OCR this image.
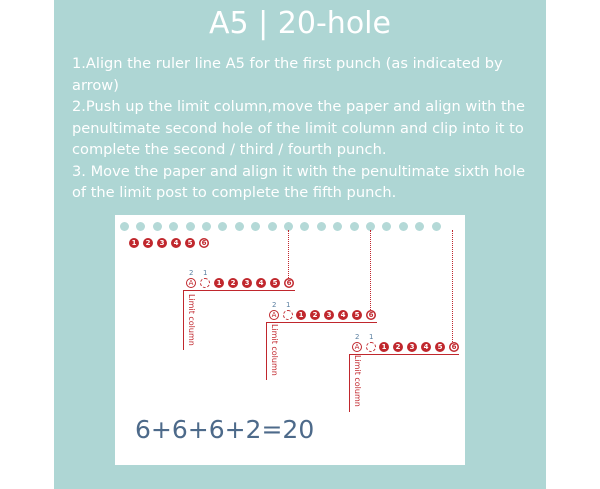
A5 | 20-hole

1.Align the ruler line A5 for the first punch (as indicated by arrow)

2.Push up the limit column,move the paper and align with the penultimate second hole of the limit column and clip into it to complete the second / third / fourth punch.

3. Move the paper and align it with the penultimate sixth hole of the limit post to complete the fifth punch.

1	2	3	4	5	6
2 1
A	1	2	3	4	5	6
Limit column	2 1
A	1	2	3	4	5	6
Limit column	2 1
A	1	2	3	4	5	6
Limit column
6+6+6+2=20
